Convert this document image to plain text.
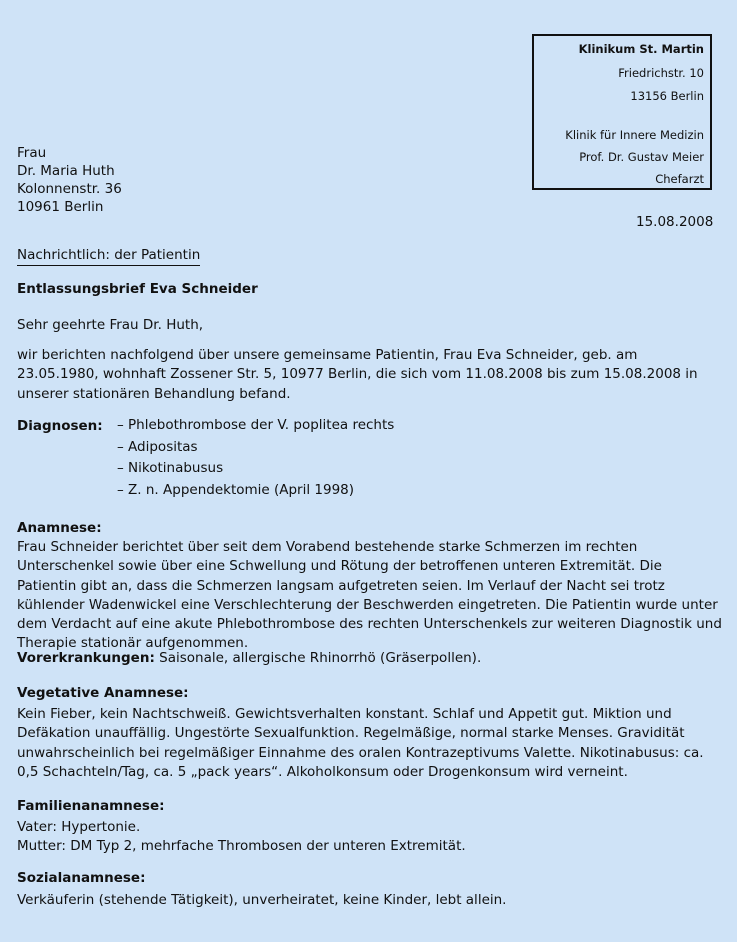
Klinikum St. Martin
Friedrichstr. 10
13156 Berlin
Klinik für Innere Medizin
Prof. Dr. Gustav Meier
Chefarzt
Frau
Dr. Maria Huth
Kolonnenstr. 36
10961 Berlin
15.08.2008
Nachrichtlich: der Patientin
Entlassungsbrief Eva Schneider
Sehr geehrte Frau Dr. Huth,
wir berichten nachfolgend über unsere gemeinsame Patientin, Frau Eva Schneider, geb. am 23.05.1980, wohnhaft Zossener Str. 5, 10977 Berlin, die sich vom 11.08.2008 bis zum 15.08.2008 in unserer stationären Behandlung befand.
Diagnosen: – Phlebothrombose der V. poplitea rechts
– Adipositas
– Nikotinabusus
– Z. n. Appendektomie (April 1998)
Anamnese:
Frau Schneider berichtet über seit dem Vorabend bestehende starke Schmerzen im rechten Unterschenkel sowie über eine Schwellung und Rötung der betroffenen unteren Extremität. Die Patientin gibt an, dass die Schmerzen langsam aufgetreten seien. Im Verlauf der Nacht sei trotz kühlender Wadenwickel eine Verschlechterung der Beschwerden eingetreten. Die Patientin wurde unter dem Verdacht auf eine akute Phlebothrombose des rechten Unterschenkels zur weiteren Diagnostik und Therapie stationär aufgenommen.
Vorerkrankungen: Saisonale, allergische Rhinorrhö (Gräserpollen).
Vegetative Anamnese:
Kein Fieber, kein Nachtschweiß. Gewichtsverhalten konstant. Schlaf und Appetit gut. Miktion und Defäkation unauffällig. Ungestörte Sexualfunktion. Regelmäßige, normal starke Menses. Gravidität unwahrscheinlich bei regelmäßiger Einnahme des oralen Kontrazeptivums Valette. Nikotinabusus: ca. 0,5 Schachteln/Tag, ca. 5 „pack years“. Alkoholkonsum oder Drogenkonsum wird verneint.
Familienanamnese:
Vater: Hypertonie.
Mutter: DM Typ 2, mehrfache Thrombosen der unteren Extremität.
Sozialanamnese:
Verkäuferin (stehende Tätigkeit), unverheiratet, keine Kinder, lebt allein.
